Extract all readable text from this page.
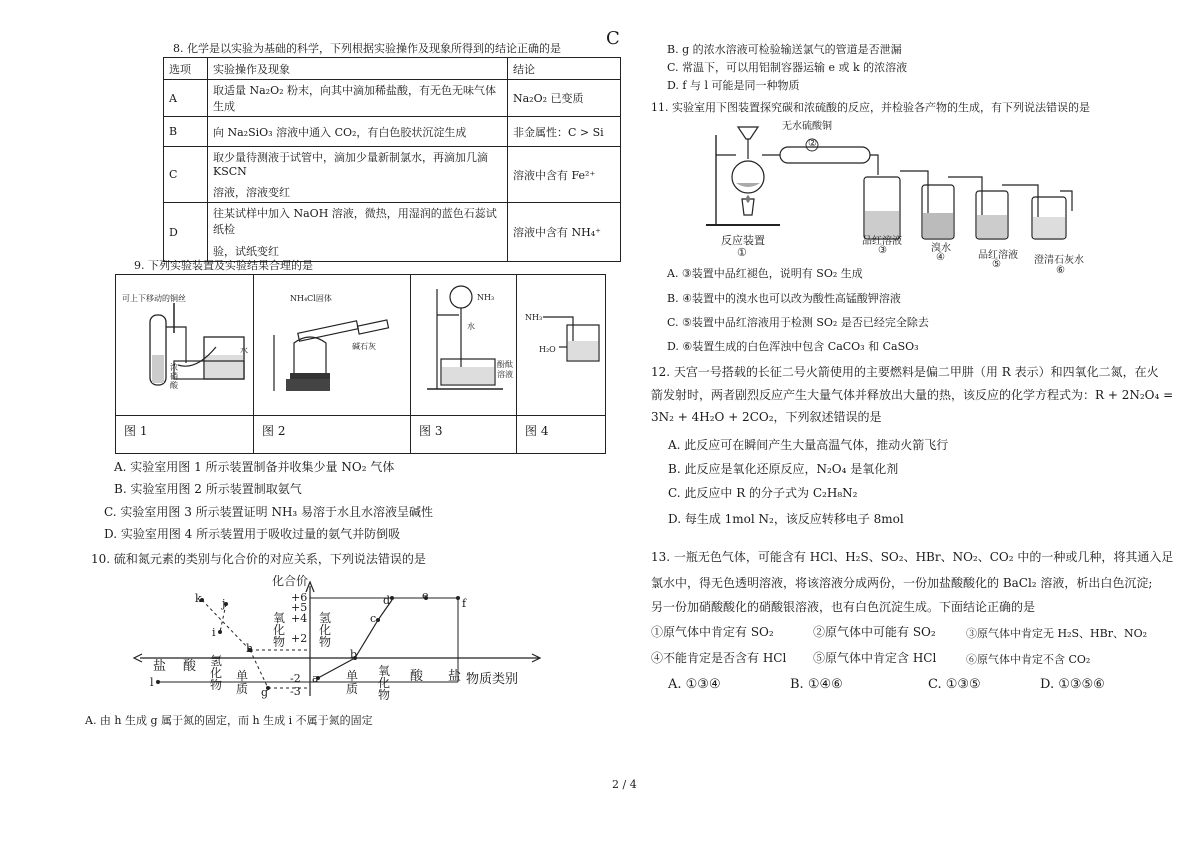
8. 化学是以实验为基础的科学，下列根据实验操作及现象所得到的结论正确的是	C
选项	实验操作及现象	结论
A	取适量 Na₂O₂ 粉末，向其中滴加稀盐酸，有无色无味气体生成	Na₂O₂ 已变质
B	向 Na₂SiO₃ 溶液中通入 CO₂，有白色胶状沉淀生成	非金属性：C > Si
C	取少量待测液于试管中，滴加少量新制氯水，再滴加几滴 KSCN
溶液，溶液变红	溶液中含有 Fe²⁺
D	往某试样中加入 NaOH 溶液，微热，用湿润的蓝色石蕊试纸检
验，试纸变红	溶液中含有 NH₄⁺
9. 下列实验装置及实验结果合理的是
可上下移动的铜丝
浓硝酸
水
图 1
NH₄Cl固体
碱石灰
图 2
NH₃
水
酚酞
溶液
图 3
NH₃
H₂O
图 4
A. 实验室用图 1 所示装置制备并收集少量 NO₂ 气体
B. 实验室用图 2 所示装置制取氨气
C. 实验室用图 3 所示装置证明 NH₃ 易溶于水且水溶液呈碱性
D. 实验室用图 4 所示装置用于吸收过量的氨气并防倒吸
10. 硫和氮元素的类别与化合价的对应关系，下列说法错误的是
化合价
+6
+5
+4
+2
-2
-3
盐 酸 氢化物
单质
单质
氧化物
酸 盐 物质类别
氧化物
氢化物
k j
i
h
g
l	a
b
c
d	e
f
A. 由 h 生成 g 属于氮的固定，而 h 生成 i 不属于氮的固定
B. g 的浓水溶液可检验输送氯气的管道是否泄漏
C. 常温下，可以用铝制容器运输 e 或 k 的浓溶液
D. f 与 l 可能是同一种物质
11. 实验室用下图装置探究碳和浓硫酸的反应，并检验各产物的生成，有下列说法错误的是
无水硫酸铜
②
反应装置
①
品红溶液
③	溴水
④	品红溶液
⑤	澄清石灰水
⑥
A. ③装置中品红褪色，说明有 SO₂ 生成
B. ④装置中的溴水也可以改为酸性高锰酸钾溶液
C. ⑤装置中品红溶液用于检测 SO₂ 是否已经完全除去
D. ⑥装置生成的白色浑浊中包含 CaCO₃ 和 CaSO₃
12. 天宫一号搭载的长征二号火箭使用的主要燃料是偏二甲肼（用 R 表示）和四氧化二氮，在火
箭发射时，两者剧烈反应产生大量气体并释放出大量的热，该反应的化学方程式为：R + 2N₂O₄ =
3N₂ + 4H₂O + 2CO₂，下列叙述错误的是
A. 此反应可在瞬间产生大量高温气体，推动火箭飞行
B. 此反应是氧化还原反应，N₂O₄ 是氧化剂
C. 此反应中 R 的分子式为 C₂H₈N₂
D. 每生成 1mol N₂，该反应转移电子 8mol
13. 一瓶无色气体，可能含有 HCl、H₂S、SO₂、HBr、NO₂、CO₂ 中的一种或几种，将其通入足
氯水中，得无色透明溶液，将该溶液分成两份，一份加盐酸酸化的 BaCl₂ 溶液，析出白色沉淀;
另一份加硝酸酸化的硝酸银溶液，也有白色沉淀生成。下面结论正确的是
①原气体中肯定有 SO₂	②原气体中可能有 SO₂	③原气体中肯定无 H₂S、HBr、NO₂
④不能肯定是否含有 HCl ⑤原气体中肯定含 HCl	⑥原气体中肯定不含 CO₂
A. ①③④	B. ①④⑥	C. ①③⑤	D. ①③⑤⑥
2 / 4
